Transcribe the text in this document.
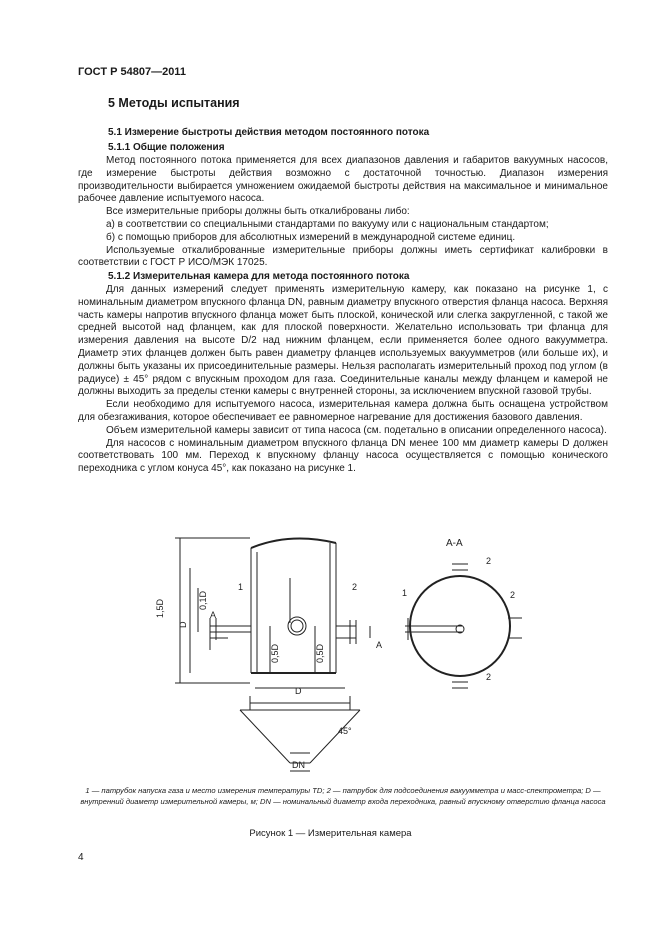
ГОСТ Р 54807—2011
5 Методы испытания
5.1 Измерение быстроты действия методом постоянного потока
5.1.1 Общие положения

Метод постоянного потока применяется для всех диапазонов давления и габаритов вакуумных насосов, где измерение быстроты действия возможно с достаточной точностью. Диапазон измерения производительности выбирается умножением ожидаемой быстроты действия на максимальное и минимальное рабочее давление испытуемого насоса.

Все измерительные приборы должны быть откалиброваны либо:

а) в соответствии со специальными стандартами по вакууму или с национальным стандартом;

б) с помощью приборов для абсолютных измерений в международной системе единиц.

Используемые откалиброванные измерительные приборы должны иметь сертификат калибровки в соответствии с ГОСТ Р ИСО/МЭК 17025.

5.1.2 Измерительная камера для метода постоянного потока

Для данных измерений следует применять измерительную камеру, как показано на рисунке 1, с номинальным диаметром впускного фланца DN, равным диаметру впускного отверстия фланца насоса. Верхняя часть камеры напротив впускного фланца может быть плоской, конической или слегка закругленной, с такой же средней высотой над фланцем, как для плоской поверхности. Желательно использовать три фланца для измерения давления на высоте D/2 над нижним фланцем, если применяется более одного вакуумметра. Диаметр этих фланцев должен быть равен диаметру фланцев используемых вакуумметров (или больше их), и должны быть указаны их присоединительные размеры. Нельзя располагать измерительный проход под углом (в радиусе) ± 45° рядом с впускным проходом для газа. Соединительные каналы между фланцем и камерой не должны выходить за пределы стенки камеры с внутренней стороны, за исключением впускной газовой трубы.

Если необходимо для испытуемого насоса, измерительная камера должна быть оснащена устройством для обезгаживания, которое обеспечивает ее равномерное нагревание для достижения базового давления.

Объем измерительной камеры зависит от типа насоса (см. подетально в описании определенного насоса).

Для насосов с номинальным диаметром впускного фланца DN менее 100 мм диаметр камеры D должен соответствовать 100 мм. Переход к впускному фланцу насоса осуществляется с помощью конического переходника с углом конуса 45°, как показано на рисунке 1.

1,5D
D
0,1D
0,5D	0,5D
1	2
A
A
A-A
1
2
2
2
D
45°
DN
1 — патрубок напуска газа и место измерения температуры TD; 2 — патрубок для подсоединения вакуумметра и масс-спектрометра; D — внутренний диаметр измерительной камеры, м; DN — номинальный диаметр входа переходника, равный впускному отверстию фланца насоса
Рисунок 1 — Измерительная камера
4
